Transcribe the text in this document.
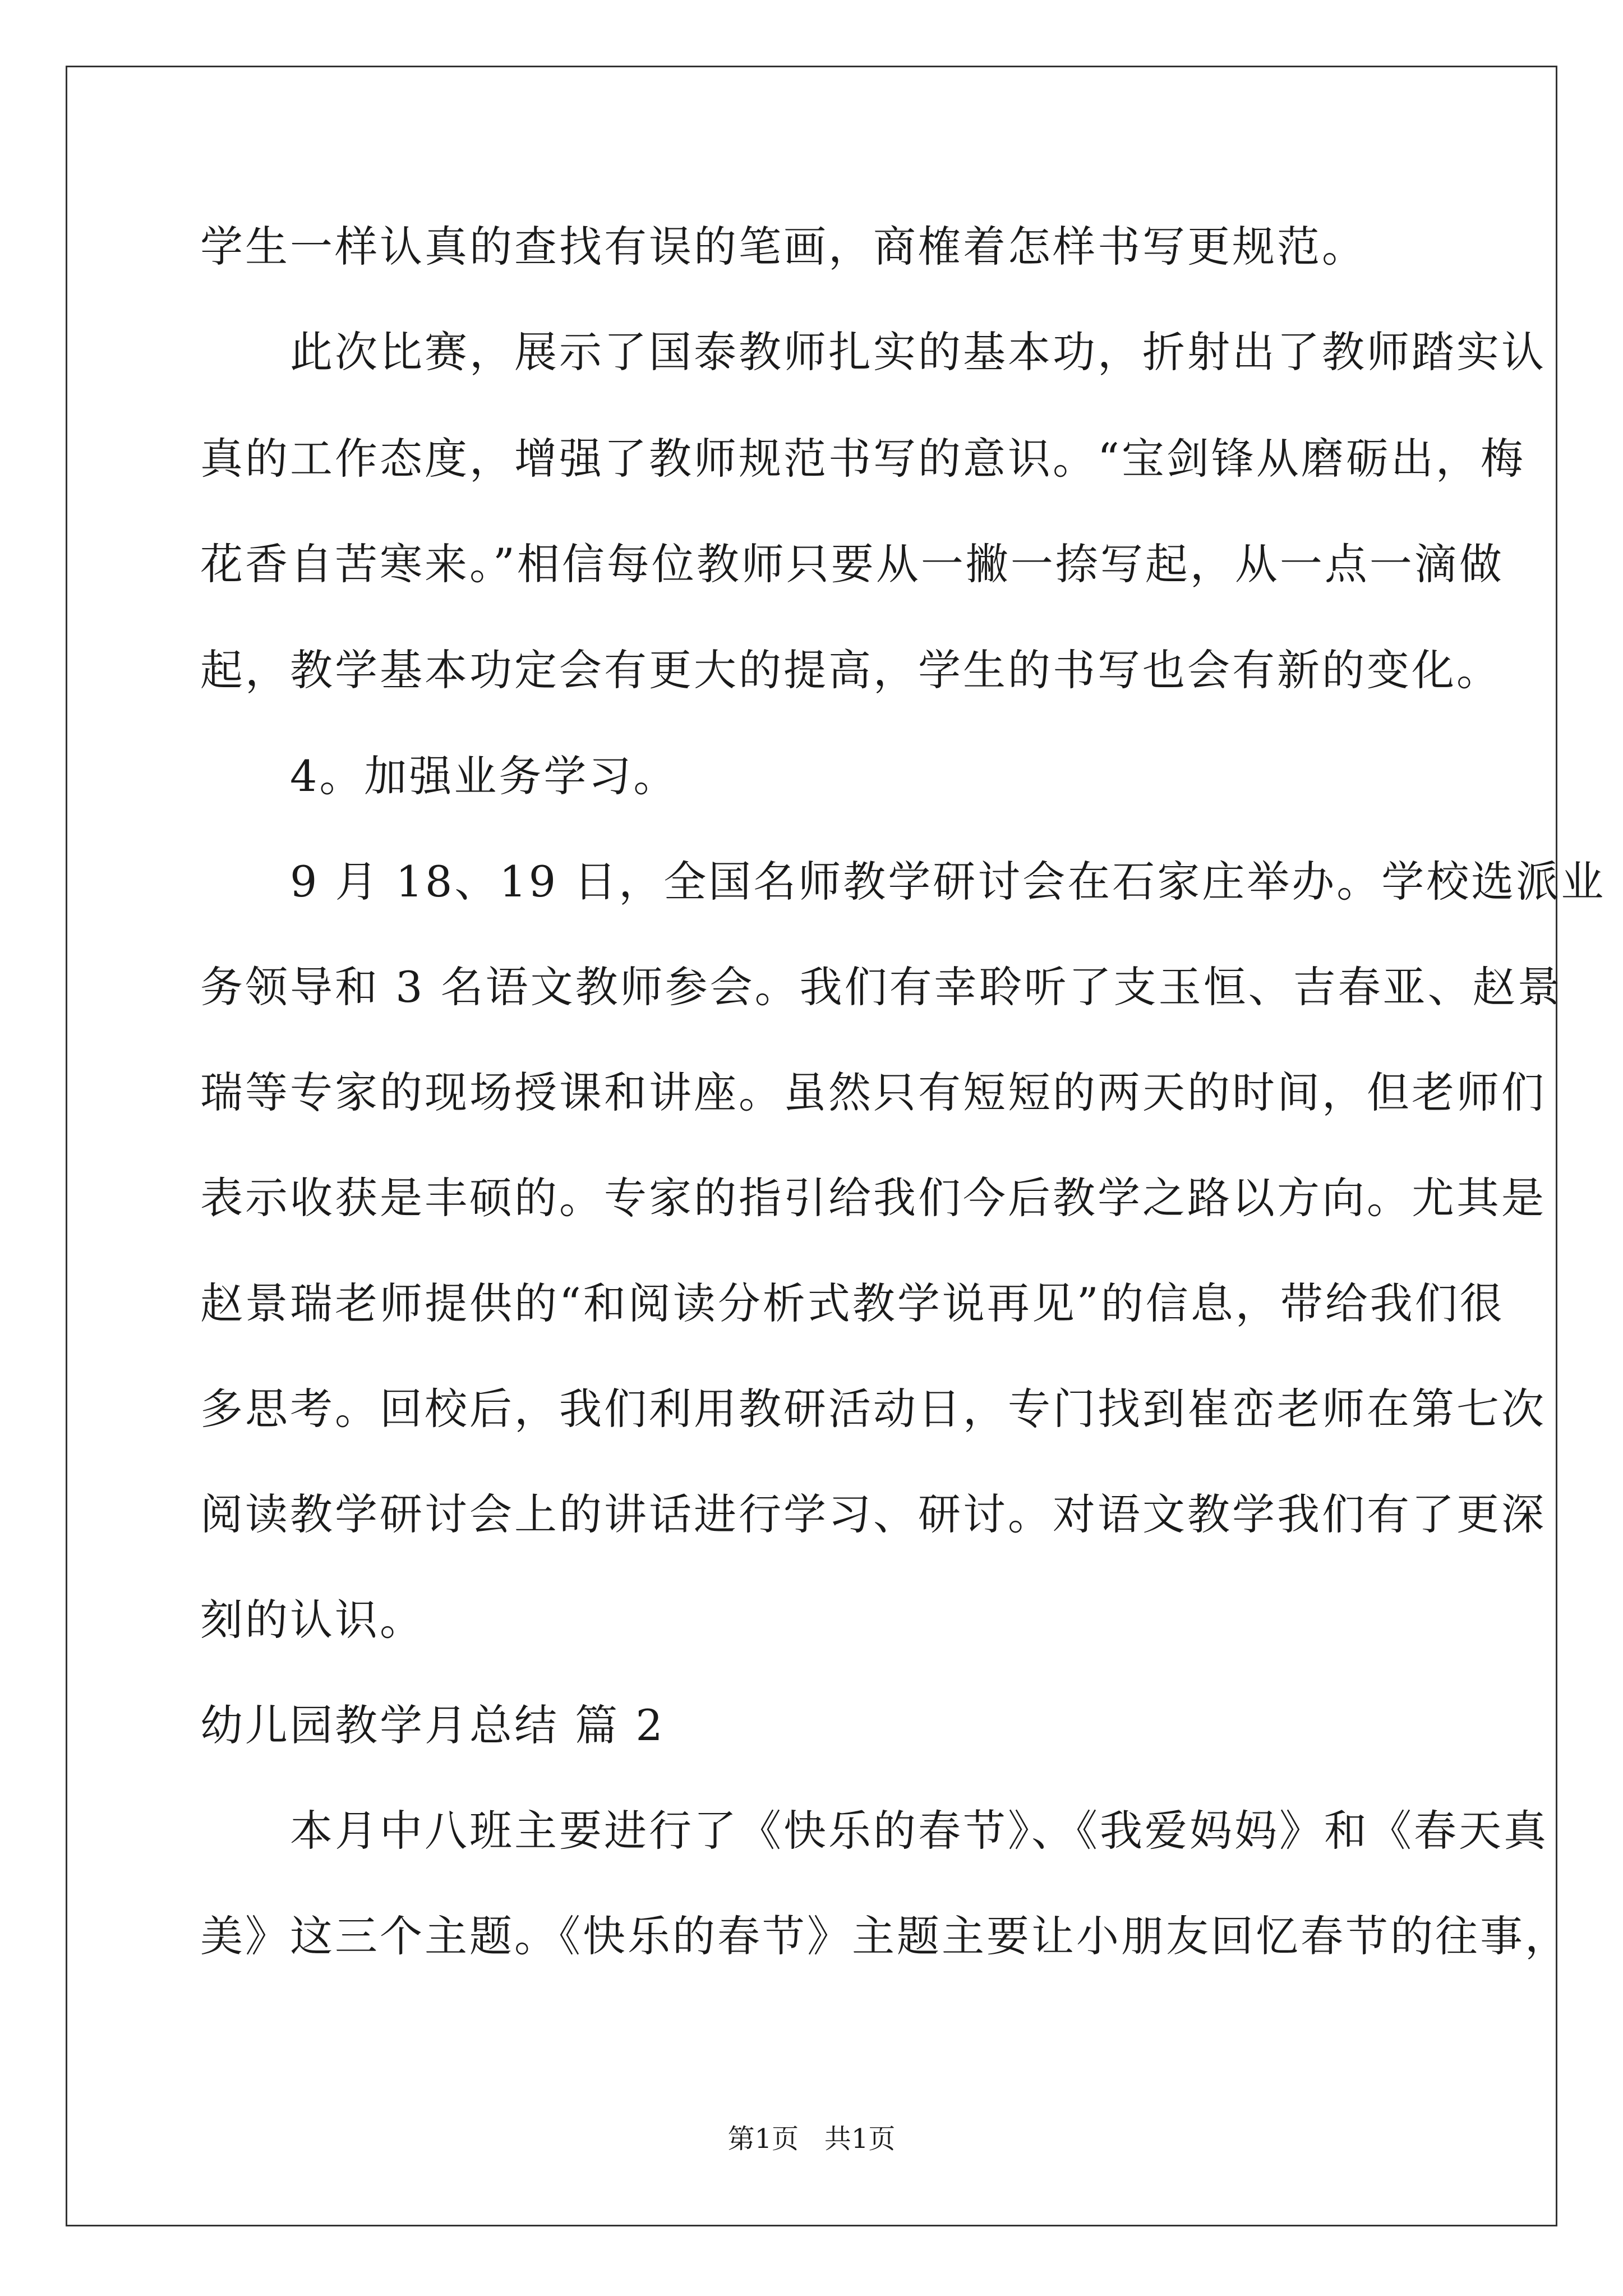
学生一样认真的查找有误的笔画，商榷着怎样书写更规范。
　　此次比赛，展示了国泰教师扎实的基本功，折射出了教师踏实认
真的工作态度，增强了教师规范书写的意识。“宝剑锋从磨砺出，梅
花香自苦寒来。”相信每位教师只要从一撇一捺写起，从一点一滴做
起，教学基本功定会有更大的提高，学生的书写也会有新的变化。
　　4。加强业务学习。
　　9 月 18、19 日，全国名师教学研讨会在石家庄举办。学校选派业
务领导和 3 名语文教师参会。我们有幸聆听了支玉恒、吉春亚、赵景
瑞等专家的现场授课和讲座。虽然只有短短的两天的时间，但老师们
表示收获是丰硕的。专家的指引给我们今后教学之路以方向。尤其是
赵景瑞老师提供的“和阅读分析式教学说再见”的信息，带给我们很
多思考。回校后，我们利用教研活动日，专门找到崔峦老师在第七次
阅读教学研讨会上的讲话进行学习、研讨。对语文教学我们有了更深
刻的认识。
幼儿园教学月总结 篇 2
　　本月中八班主要进行了《快乐的春节》、《我爱妈妈》和《春天真
美》这三个主题。《快乐的春节》主题主要让小朋友回忆春节的往事，
第1页   共1页
